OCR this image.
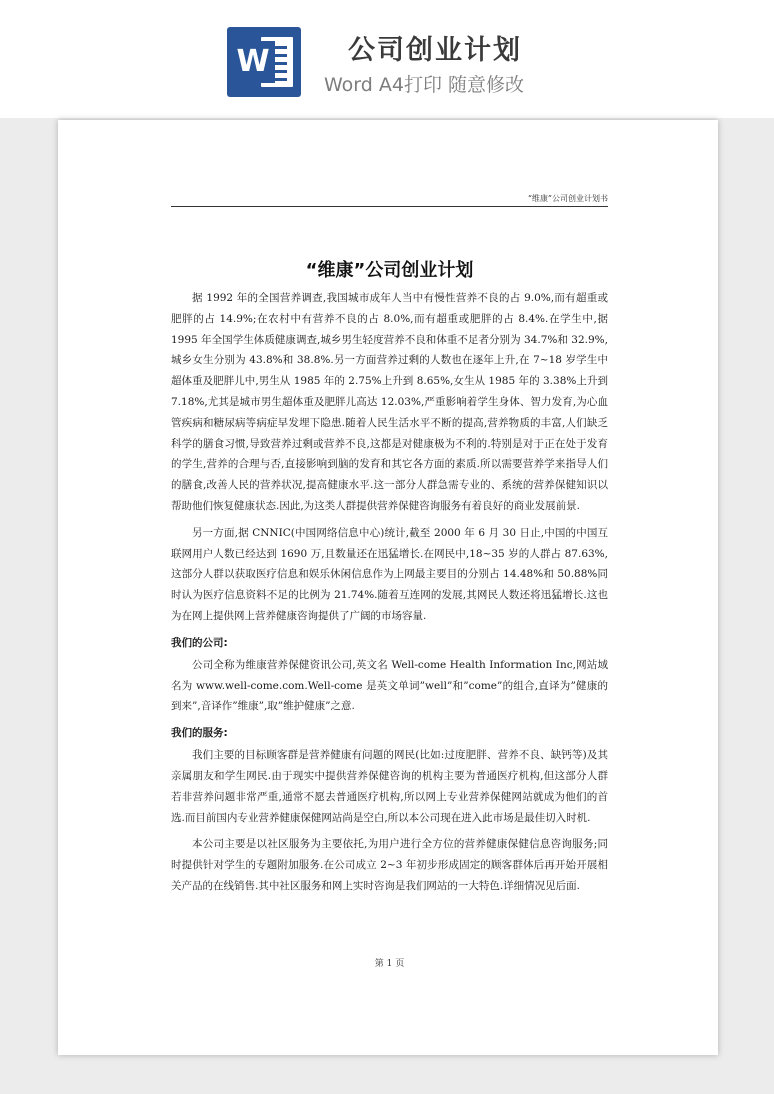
W	公司创业计划
Word A4打印 随意修改
“维康”公司创业计划书
“维康”公司创业计划

据 1992 年的全国营养调查,我国城市成年人当中有慢性营养不良的占 9.0%,而有超重或肥胖的占 14.9%;在农村中有营养不良的占 8.0%,而有超重或肥胖的占 8.4%.在学生中,据 1995 年全国学生体质健康调查,城乡男生轻度营养不良和体重不足者分别为 34.7%和 32.9%,城乡女生分别为 43.8%和 38.8%.另一方面营养过剩的人数也在逐年上升,在 7~18 岁学生中超体重及肥胖儿中,男生从 1985 年的 2.75%上升到 8.65%,女生从 1985 年的 3.38%上升到 7.18%,尤其是城市男生超体重及肥胖儿高达 12.03%,严重影响着学生身体、智力发育,为心血管疾病和糖尿病等病症早发埋下隐患.随着人民生活水平不断的提高,营养物质的丰富,人们缺乏科学的膳食习惯,导致营养过剩或营养不良,这都是对健康极为不利的.特别是对于正在处于发育的学生,营养的合理与否,直接影响到脑的发育和其它各方面的素质.所以需要营养学来指导人们的膳食,改善人民的营养状况,提高健康水平.这一部分人群急需专业的、系统的营养保健知识以帮助他们恢复健康状态.因此,为这类人群提供营养保健咨询服务有着良好的商业发展前景.

另一方面,据 CNNIC(中国网络信息中心)统计,截至 2000 年 6 月 30 日止,中国的中国互联网用户人数已经达到 1690 万,且数量还在迅猛增长.在网民中,18~35 岁的人群占 87.63%,这部分人群以获取医疗信息和娱乐休闲信息作为上网最主要目的分别占 14.48%和 50.88%同时认为医疗信息资料不足的比例为 21.74%.随着互连网的发展,其网民人数还将迅猛增长.这也为在网上提供网上营养健康咨询提供了广阔的市场容量.

我们的公司:

公司全称为维康营养保健资讯公司,英文名 Well-come Health Information Inc,网站域名为 www.well-come.com.Well-come 是英文单词”well”和”come”的组合,直译为”健康的到来”,音译作”维康”,取”维护健康”之意.

我们的服务:

我们主要的目标顾客群是营养健康有问题的网民(比如:过度肥胖、营养不良、缺钙等)及其亲属朋友和学生网民.由于现实中提供营养保健咨询的机构主要为普通医疗机构,但这部分人群若非营养问题非常严重,通常不愿去普通医疗机构,所以网上专业营养保健网站就成为他们的首选.而目前国内专业营养健康保健网站尚是空白,所以本公司现在进入此市场是最佳切入时机.

本公司主要是以社区服务为主要依托,为用户进行全方位的营养健康保健信息咨询服务;同时提供针对学生的专题附加服务.在公司成立 2~3 年初步形成固定的顾客群体后再开始开展相关产品的在线销售.其中社区服务和网上实时咨询是我们网站的一大特色.详细情况见后面.

第 1 页
